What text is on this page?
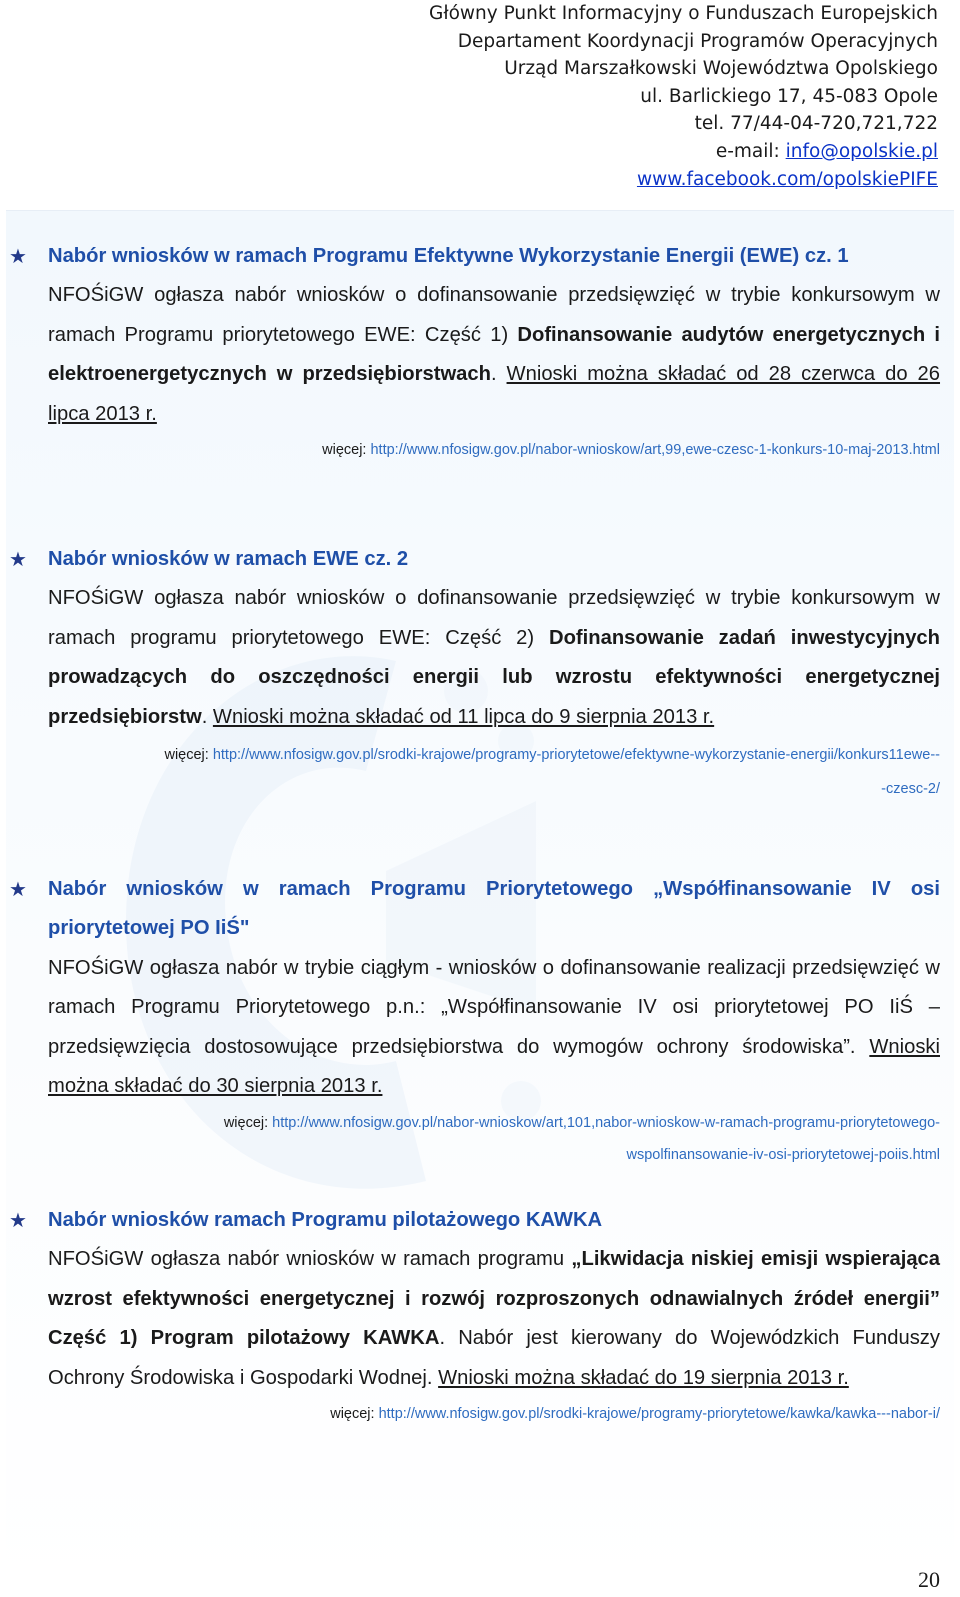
Główny Punkt Informacyjny o Funduszach Europejskich
Departament Koordynacji Programów Operacyjnych
Urząd Marszałkowski Województwa Opolskiego
ul. Barlickiego 17, 45-083 Opole
tel. 77/44-04-720,721,722
e-mail: info@opolskie.pl
www.facebook.com/opolskiePIFE
★ Nabór wniosków w ramach Programu Efektywne Wykorzystanie Energii (EWE) cz. 1
NFOŚiGW ogłasza nabór wniosków o dofinansowanie przedsięwzięć w trybie konkursowym w ramach Programu priorytetowego EWE: Część 1) Dofinansowanie audytów energetycznych i elektroenergetycznych w przedsiębiorstwach. Wnioski można składać od 28 czerwca do 26 lipca 2013 r.
więcej: http://www.nfosigw.gov.pl/nabor-wnioskow/art,99,ewe-czesc-1-konkurs-10-maj-2013.html
★ Nabór wniosków w ramach EWE cz. 2
NFOŚiGW ogłasza nabór wniosków o dofinansowanie przedsięwzięć w trybie konkursowym w ramach programu priorytetowego EWE: Część 2) Dofinansowanie zadań inwestycyjnych prowadzących do oszczędności energii lub wzrostu efektywności energetycznej przedsiębiorstw. Wnioski można składać od 11 lipca do 9 sierpnia 2013 r.
więcej: http://www.nfosigw.gov.pl/srodki-krajowe/programy-priorytetowe/efektywne-wykorzystanie-energii/konkurs11ewe--
-czesc-2/
★ Nabór wniosków w ramach Programu Priorytetowego „Współfinansowanie IV osi priorytetowej PO IiŚ"
NFOŚiGW ogłasza nabór w trybie ciągłym - wniosków o dofinansowanie realizacji przedsięwzięć w ramach Programu Priorytetowego p.n.: „Współfinansowanie IV osi priorytetowej PO IiŚ – przedsięwzięcia dostosowujące przedsiębiorstwa do wymogów ochrony środowiska”. Wnioski można składać do 30 sierpnia 2013 r.
więcej: http://www.nfosigw.gov.pl/nabor-wnioskow/art,101,nabor-wnioskow-w-ramach-programu-priorytetowego-
wspolfinansowanie-iv-osi-priorytetowej-poiis.html
★ Nabór wniosków ramach Programu pilotażowego KAWKA
NFOŚiGW ogłasza nabór wniosków w ramach programu „Likwidacja niskiej emisji wspierająca wzrost efektywności energetycznej i rozwój rozproszonych odnawialnych źródeł energii” Część 1) Program pilotażowy KAWKA. Nabór jest kierowany do Wojewódzkich Funduszy Ochrony Środowiska i Gospodarki Wodnej. Wnioski można składać do 19 sierpnia 2013 r.
więcej: http://www.nfosigw.gov.pl/srodki-krajowe/programy-priorytetowe/kawka/kawka---nabor-i/
20
